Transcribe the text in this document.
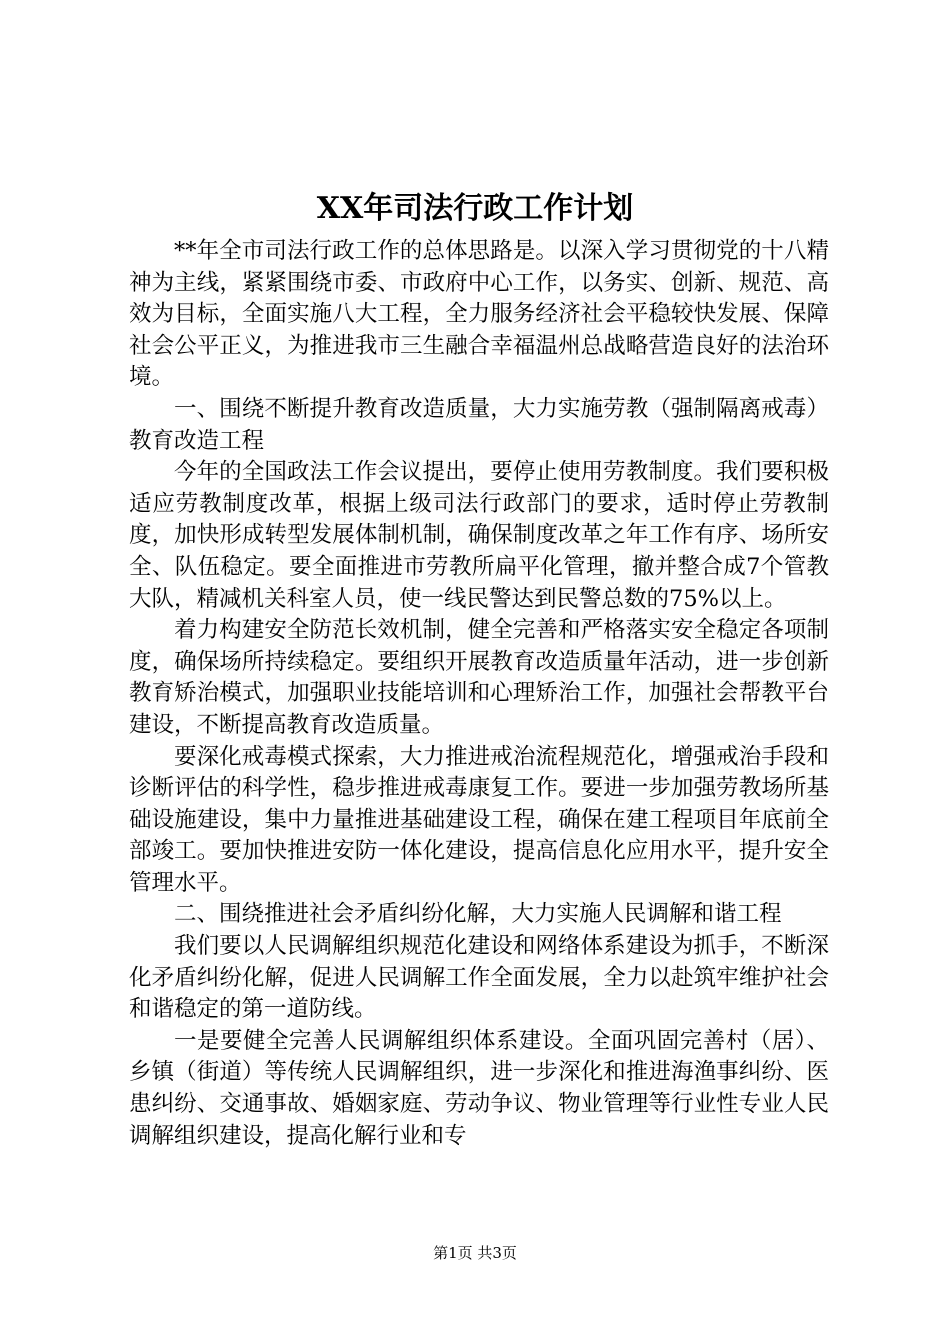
XX年司法行政工作计划

**年全市司法行政工作的总体思路是。以深入学习贯彻党的十八精神为主线，紧紧围绕市委、市政府中心工作，以务实、创新、规范、高效为目标，全面实施八大工程，全力服务经济社会平稳较快发展、保障社会公平正义，为推进我市三生融合幸福温州总战略营造良好的法治环境。

一、围绕不断提升教育改造质量，大力实施劳教（强制隔离戒毒）教育改造工程

今年的全国政法工作会议提出，要停止使用劳教制度。我们要积极适应劳教制度改革，根据上级司法行政部门的要求，适时停止劳教制度，加快形成转型发展体制机制，确保制度改革之年工作有序、场所安全、队伍稳定。要全面推进市劳教所扁平化管理，撤并整合成7个管教大队，精减机关科室人员，使一线民警达到民警总数的75%以上。

着力构建安全防范长效机制，健全完善和严格落实安全稳定各项制度，确保场所持续稳定。要组织开展教育改造质量年活动，进一步创新教育矫治模式，加强职业技能培训和心理矫治工作，加强社会帮教平台建设，不断提高教育改造质量。

要深化戒毒模式探索，大力推进戒治流程规范化，增强戒治手段和诊断评估的科学性，稳步推进戒毒康复工作。要进一步加强劳教场所基础设施建设，集中力量推进基础建设工程，确保在建工程项目年底前全部竣工。要加快推进安防一体化建设，提高信息化应用水平，提升安全管理水平。

二、围绕推进社会矛盾纠纷化解，大力实施人民调解和谐工程

我们要以人民调解组织规范化建设和网络体系建设为抓手，不断深化矛盾纠纷化解，促进人民调解工作全面发展，全力以赴筑牢维护社会和谐稳定的第一道防线。

一是要健全完善人民调解组织体系建设。全面巩固完善村（居）、乡镇（街道）等传统人民调解组织，进一步深化和推进海渔事纠纷、医患纠纷、交通事故、婚姻家庭、劳动争议、物业管理等行业性专业人民调解组织建设，提高化解行业和专

第1页 共3页
